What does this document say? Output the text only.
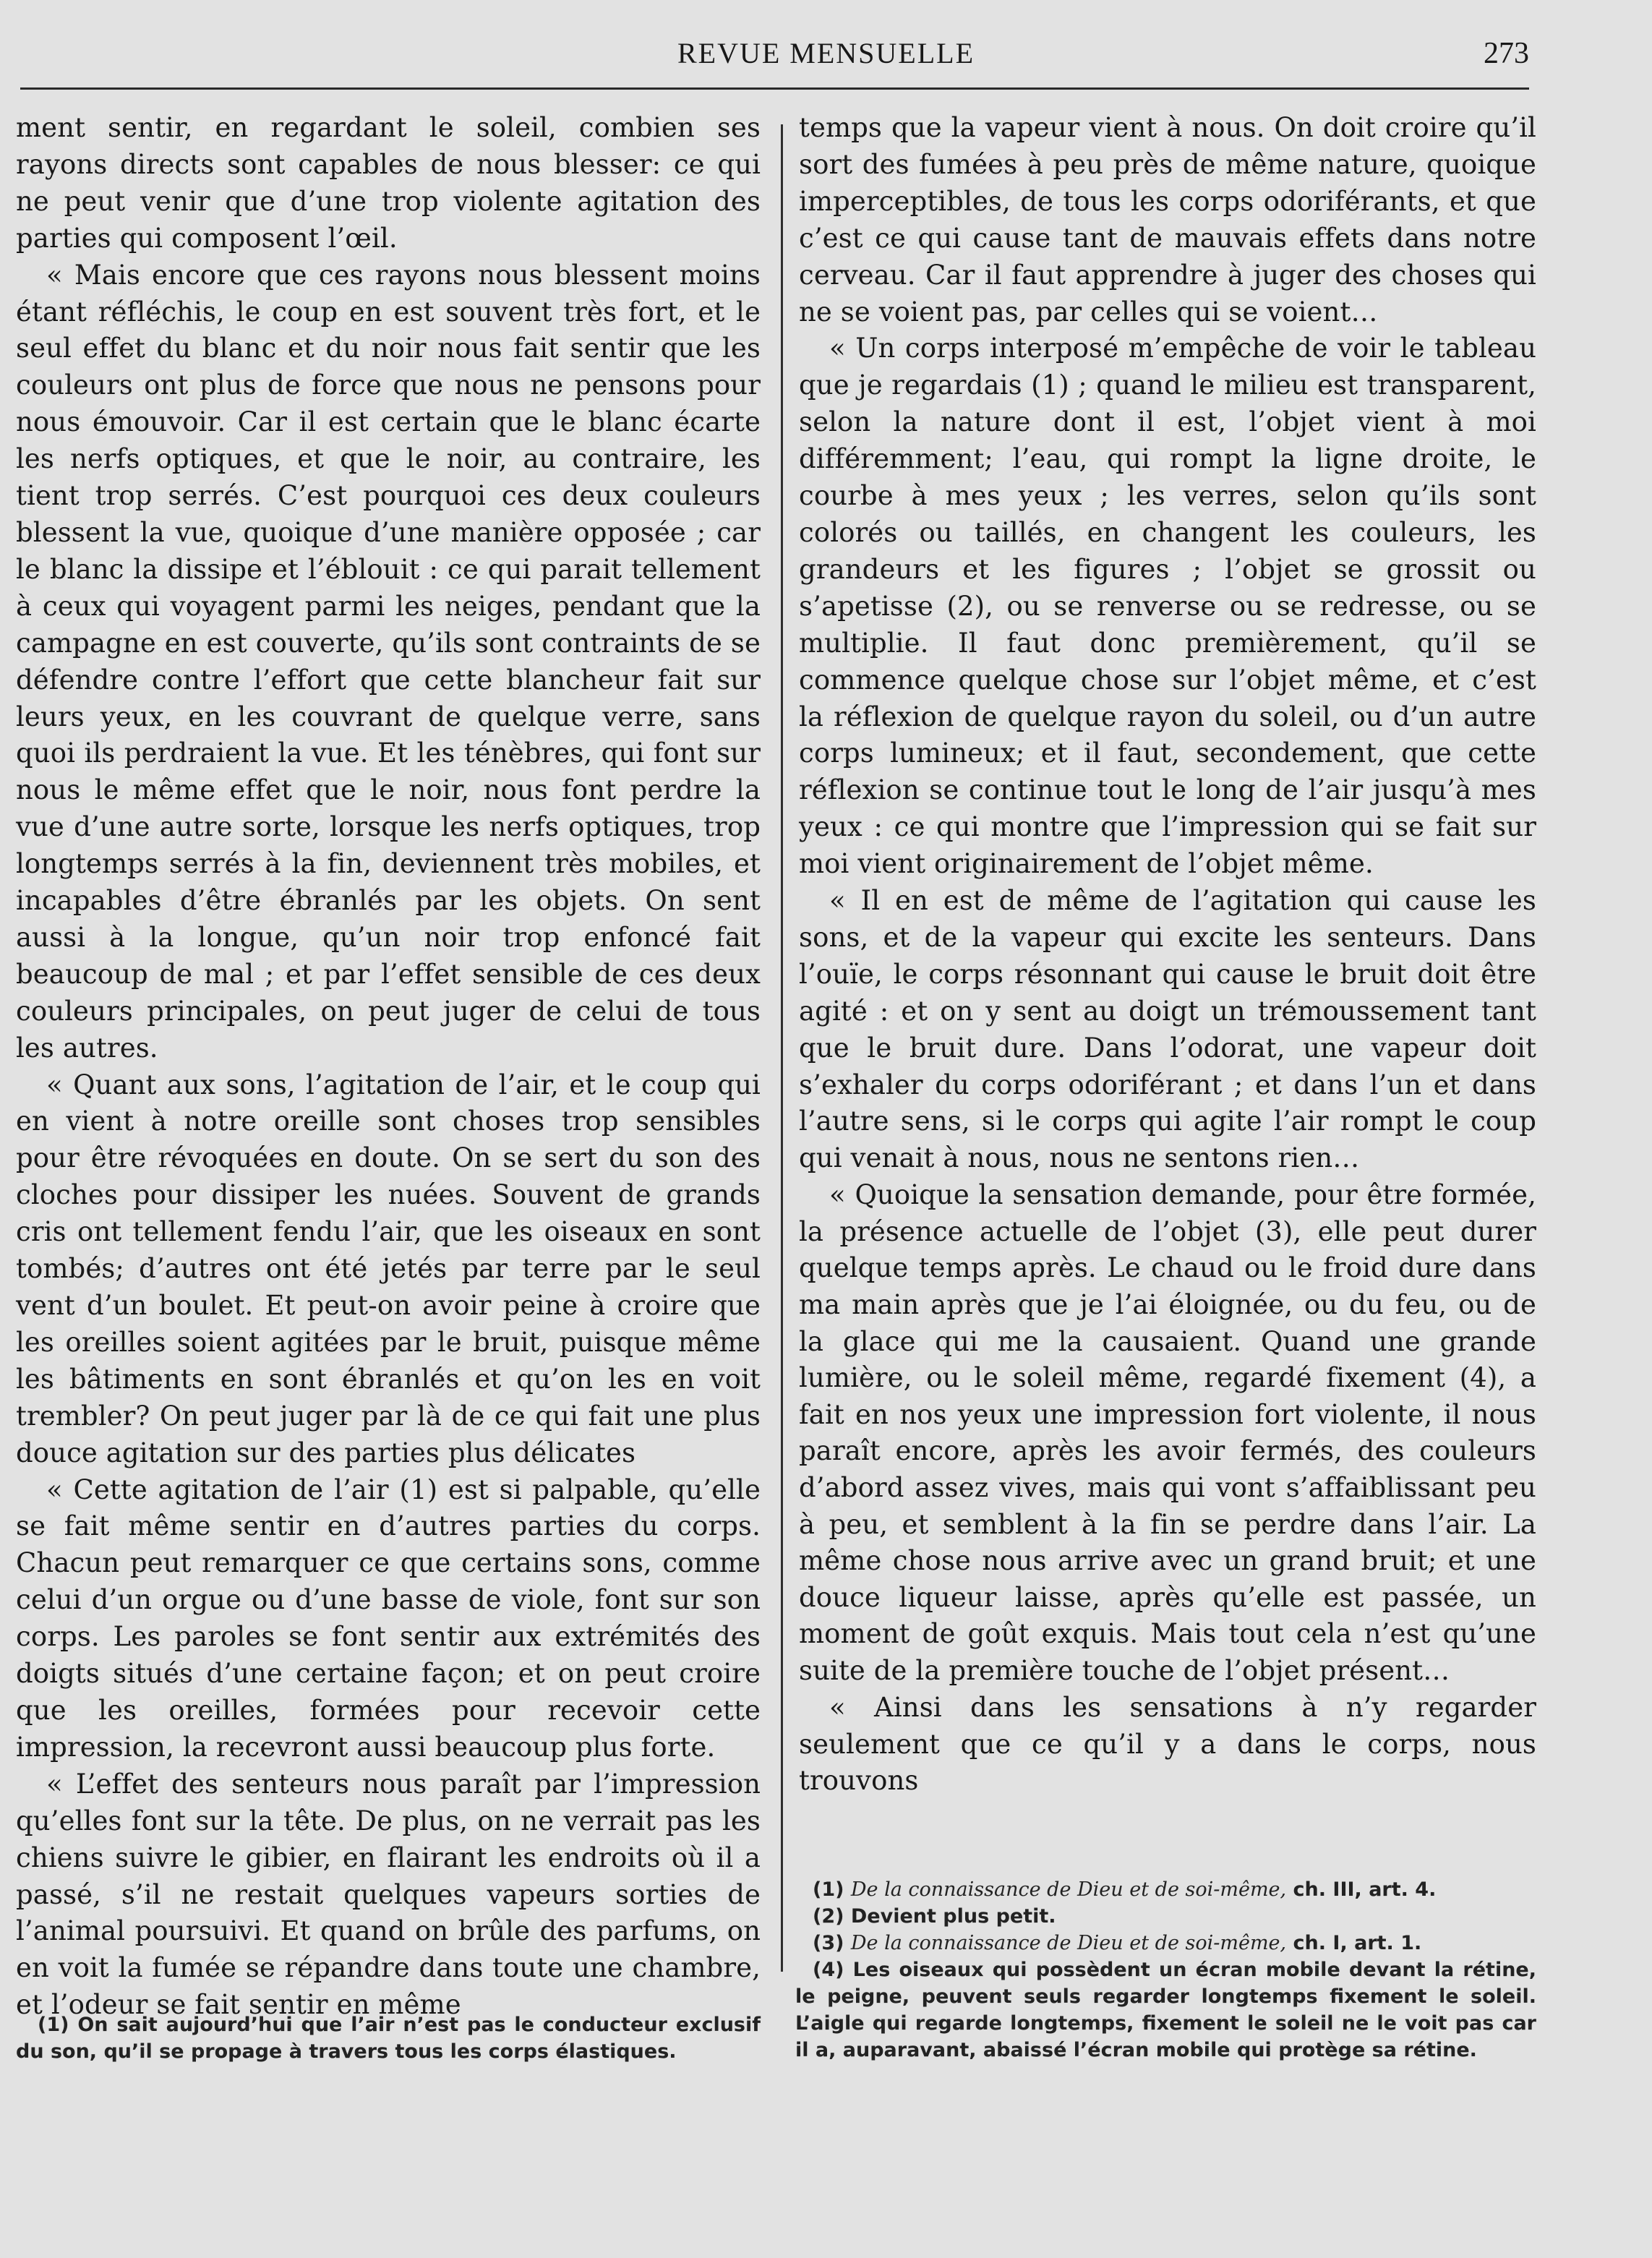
REVUE MENSUELLE	273

ment sentir, en regardant le soleil, combien ses rayons directs sont capables de nous blesser: ce qui ne peut venir que d’une trop violente agitation des parties qui composent l’œil.

« Mais encore que ces rayons nous blessent moins étant réfléchis, le coup en est souvent très fort, et le seul effet du blanc et du noir nous fait sentir que les couleurs ont plus de force que nous ne pensons pour nous émouvoir. Car il est certain que le blanc écarte les nerfs optiques, et que le noir, au contraire, les tient trop serrés. C’est pourquoi ces deux couleurs blessent la vue, quoique d’une manière opposée ; car le blanc la dissipe et l’éblouit : ce qui parait tellement à ceux qui voyagent parmi les neiges, pendant que la campagne en est couverte, qu’ils sont contraints de se défendre contre l’effort que cette blancheur fait sur leurs yeux, en les couvrant de quelque verre, sans quoi ils perdraient la vue. Et les ténèbres, qui font sur nous le même effet que le noir, nous font perdre la vue d’une autre sorte, lorsque les nerfs optiques, trop longtemps serrés à la fin, deviennent très mobiles, et incapables d’être ébranlés par les objets. On sent aussi à la longue, qu’un noir trop enfoncé fait beaucoup de mal ; et par l’effet sensible de ces deux couleurs principales, on peut juger de celui de tous les autres.

« Quant aux sons, l’agitation de l’air, et le coup qui en vient à notre oreille sont choses trop sensibles pour être révoquées en doute. On se sert du son des cloches pour dissiper les nuées. Souvent de grands cris ont tellement fendu l’air, que les oiseaux en sont tombés; d’autres ont été jetés par terre par le seul vent d’un boulet. Et peut-on avoir peine à croire que les oreilles soient agitées par le bruit, puisque même les bâtiments en sont ébranlés et qu’on les en voit trembler? On peut juger par là de ce qui fait une plus douce agitation sur des parties plus délicates

« Cette agitation de l’air (1) est si palpable, qu’elle se fait même sentir en d’autres parties du corps. Chacun peut remarquer ce que certains sons, comme celui d’un orgue ou d’une basse de viole, font sur son corps. Les paroles se font sentir aux extrémités des doigts situés d’une certaine façon; et on peut croire que les oreilles, formées pour recevoir cette impression, la recevront aussi beaucoup plus forte.

« L’effet des senteurs nous paraît par l’impression qu’elles font sur la tête. De plus, on ne verrait pas les chiens suivre le gibier, en flairant les endroits où il a passé, s’il ne restait quelques vapeurs sorties de l’animal poursuivi. Et quand on brûle des parfums, on en voit la fumée se répandre dans toute une chambre, et l’odeur se fait sentir en même

temps que la vapeur vient à nous. On doit croire qu’il sort des fumées à peu près de même nature, quoique imperceptibles, de tous les corps odoriférants, et que c’est ce qui cause tant de mauvais effets dans notre cerveau. Car il faut apprendre à juger des choses qui ne se voient pas, par celles qui se voient…

« Un corps interposé m’empêche de voir le tableau que je regardais (1) ; quand le milieu est transparent, selon la nature dont il est, l’objet vient à moi différemment; l’eau, qui rompt la ligne droite, le courbe à mes yeux ; les verres, selon qu’ils sont colorés ou taillés, en changent les couleurs, les grandeurs et les figures ; l’objet se grossit ou s’apetisse (2), ou se renverse ou se redresse, ou se multiplie. Il faut donc premièrement, qu’il se commence quelque chose sur l’objet même, et c’est la réflexion de quelque rayon du soleil, ou d’un autre corps lumineux; et il faut, secondement, que cette réflexion se continue tout le long de l’air jusqu’à mes yeux : ce qui montre que l’impression qui se fait sur moi vient originairement de l’objet même.

« Il en est de même de l’agitation qui cause les sons, et de la vapeur qui excite les senteurs. Dans l’ouïe, le corps résonnant qui cause le bruit doit être agité : et on y sent au doigt un trémoussement tant que le bruit dure. Dans l’odorat, une vapeur doit s’exhaler du corps odoriférant ; et dans l’un et dans l’autre sens, si le corps qui agite l’air rompt le coup qui venait à nous, nous ne sentons rien…

« Quoique la sensation demande, pour être formée, la présence actuelle de l’objet (3), elle peut durer quelque temps après. Le chaud ou le froid dure dans ma main après que je l’ai éloignée, ou du feu, ou de la glace qui me la causaient. Quand une grande lumière, ou le soleil même, regardé fixement (4), a fait en nos yeux une impression fort violente, il nous paraît encore, après les avoir fermés, des couleurs d’abord assez vives, mais qui vont s’affaiblissant peu à peu, et semblent à la fin se perdre dans l’air. La même chose nous arrive avec un grand bruit; et une douce liqueur laisse, après qu’elle est passée, un moment de goût exquis. Mais tout cela n’est qu’une suite de la première touche de l’objet présent…

« Ainsi dans les sensations à n’y regarder seulement que ce qu’il y a dans le corps, nous trouvons

(1) On sait aujourd’hui que l’air n’est pas le conducteur exclusif du son, qu’il se propage à travers tous les corps élastiques.

(1) De la connaissance de Dieu et de soi-même, ch. III, art. 4.

(2) Devient plus petit.

(3) De la connaissance de Dieu et de soi-même, ch. I, art. 1.

(4) Les oiseaux qui possèdent un écran mobile devant la rétine, le peigne, peuvent seuls regarder longtemps fixement le soleil. L’aigle qui regarde longtemps, fixement le soleil ne le voit pas car il a, auparavant, abaissé l’écran mobile qui protège sa rétine.
